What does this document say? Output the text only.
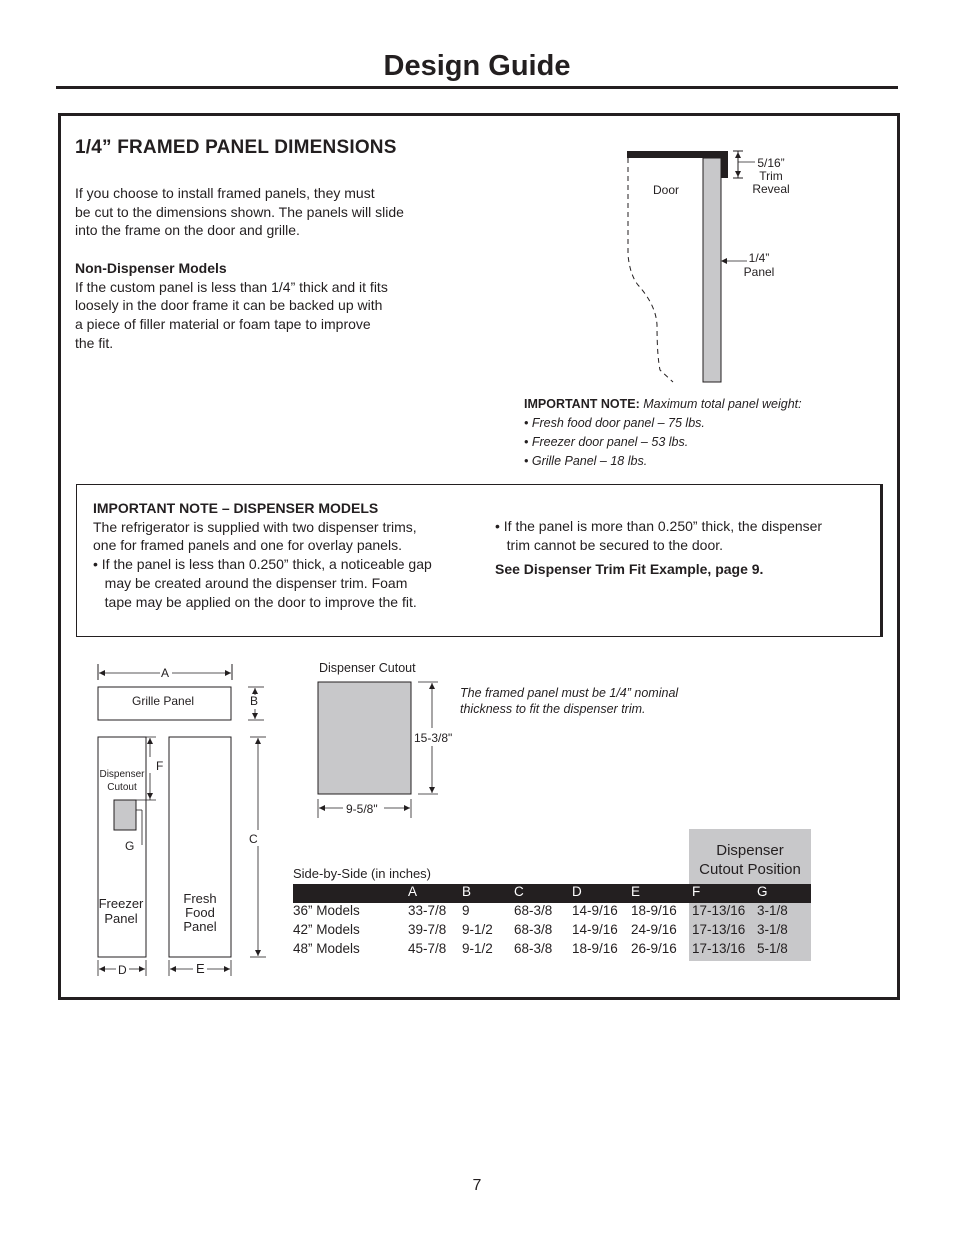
Design Guide
1/4” FRAMED PANEL DIMENSIONS
If you choose to install framed panels, they must
be cut to the dimensions shown. The panels will slide
into the frame on the door and grille.
Non-Dispenser Models
If the custom panel is less than 1/4” thick and it fits
loosely in the door frame it can be backed up with
a piece of filler material or foam tape to improve
the fit.
Door
5/16”
Trim
Reveal
1/4”
Panel
IMPORTANT NOTE: Maximum total panel weight:
• Fresh food door panel – 75 lbs.
• Freezer door panel – 53 lbs.
• Grille Panel – 18 lbs.
IMPORTANT NOTE – DISPENSER MODELS
The refrigerator is supplied with two dispenser trims,
one for framed panels and one for overlay panels.
• If the panel is less than 0.250” thick, a noticeable gap
may be created around the dispenser trim. Foam
tape may be applied on the door to improve the fit.
• If the panel is more than 0.250” thick, the dispenser
trim cannot be secured to the door.
See Dispenser Trim Fit Example, page 9.
A
Grille Panel	B
F
Dispenser
Cutout
G	C
Freezer
Panel
Fresh
Food
Panel
D	E
Dispenser Cutout
15-3/8"
9-5/8"
The framed panel must be 1/4” nominal
thickness to fit the dispenser trim.
Dispenser
Cutout Position
Side-by-Side (in inches)
A	B	C	D	E	F	G
36” Models	33-7/8 9	68-3/8 14-9/16 18-9/16 17-13/16 3-1/8
42” Models	39-7/8 9-1/2 68-3/8 14-9/16 24-9/16 17-13/16 3-1/8
48” Models	45-7/8 9-1/2 68-3/8 18-9/16 26-9/16 17-13/16 5-1/8
7
